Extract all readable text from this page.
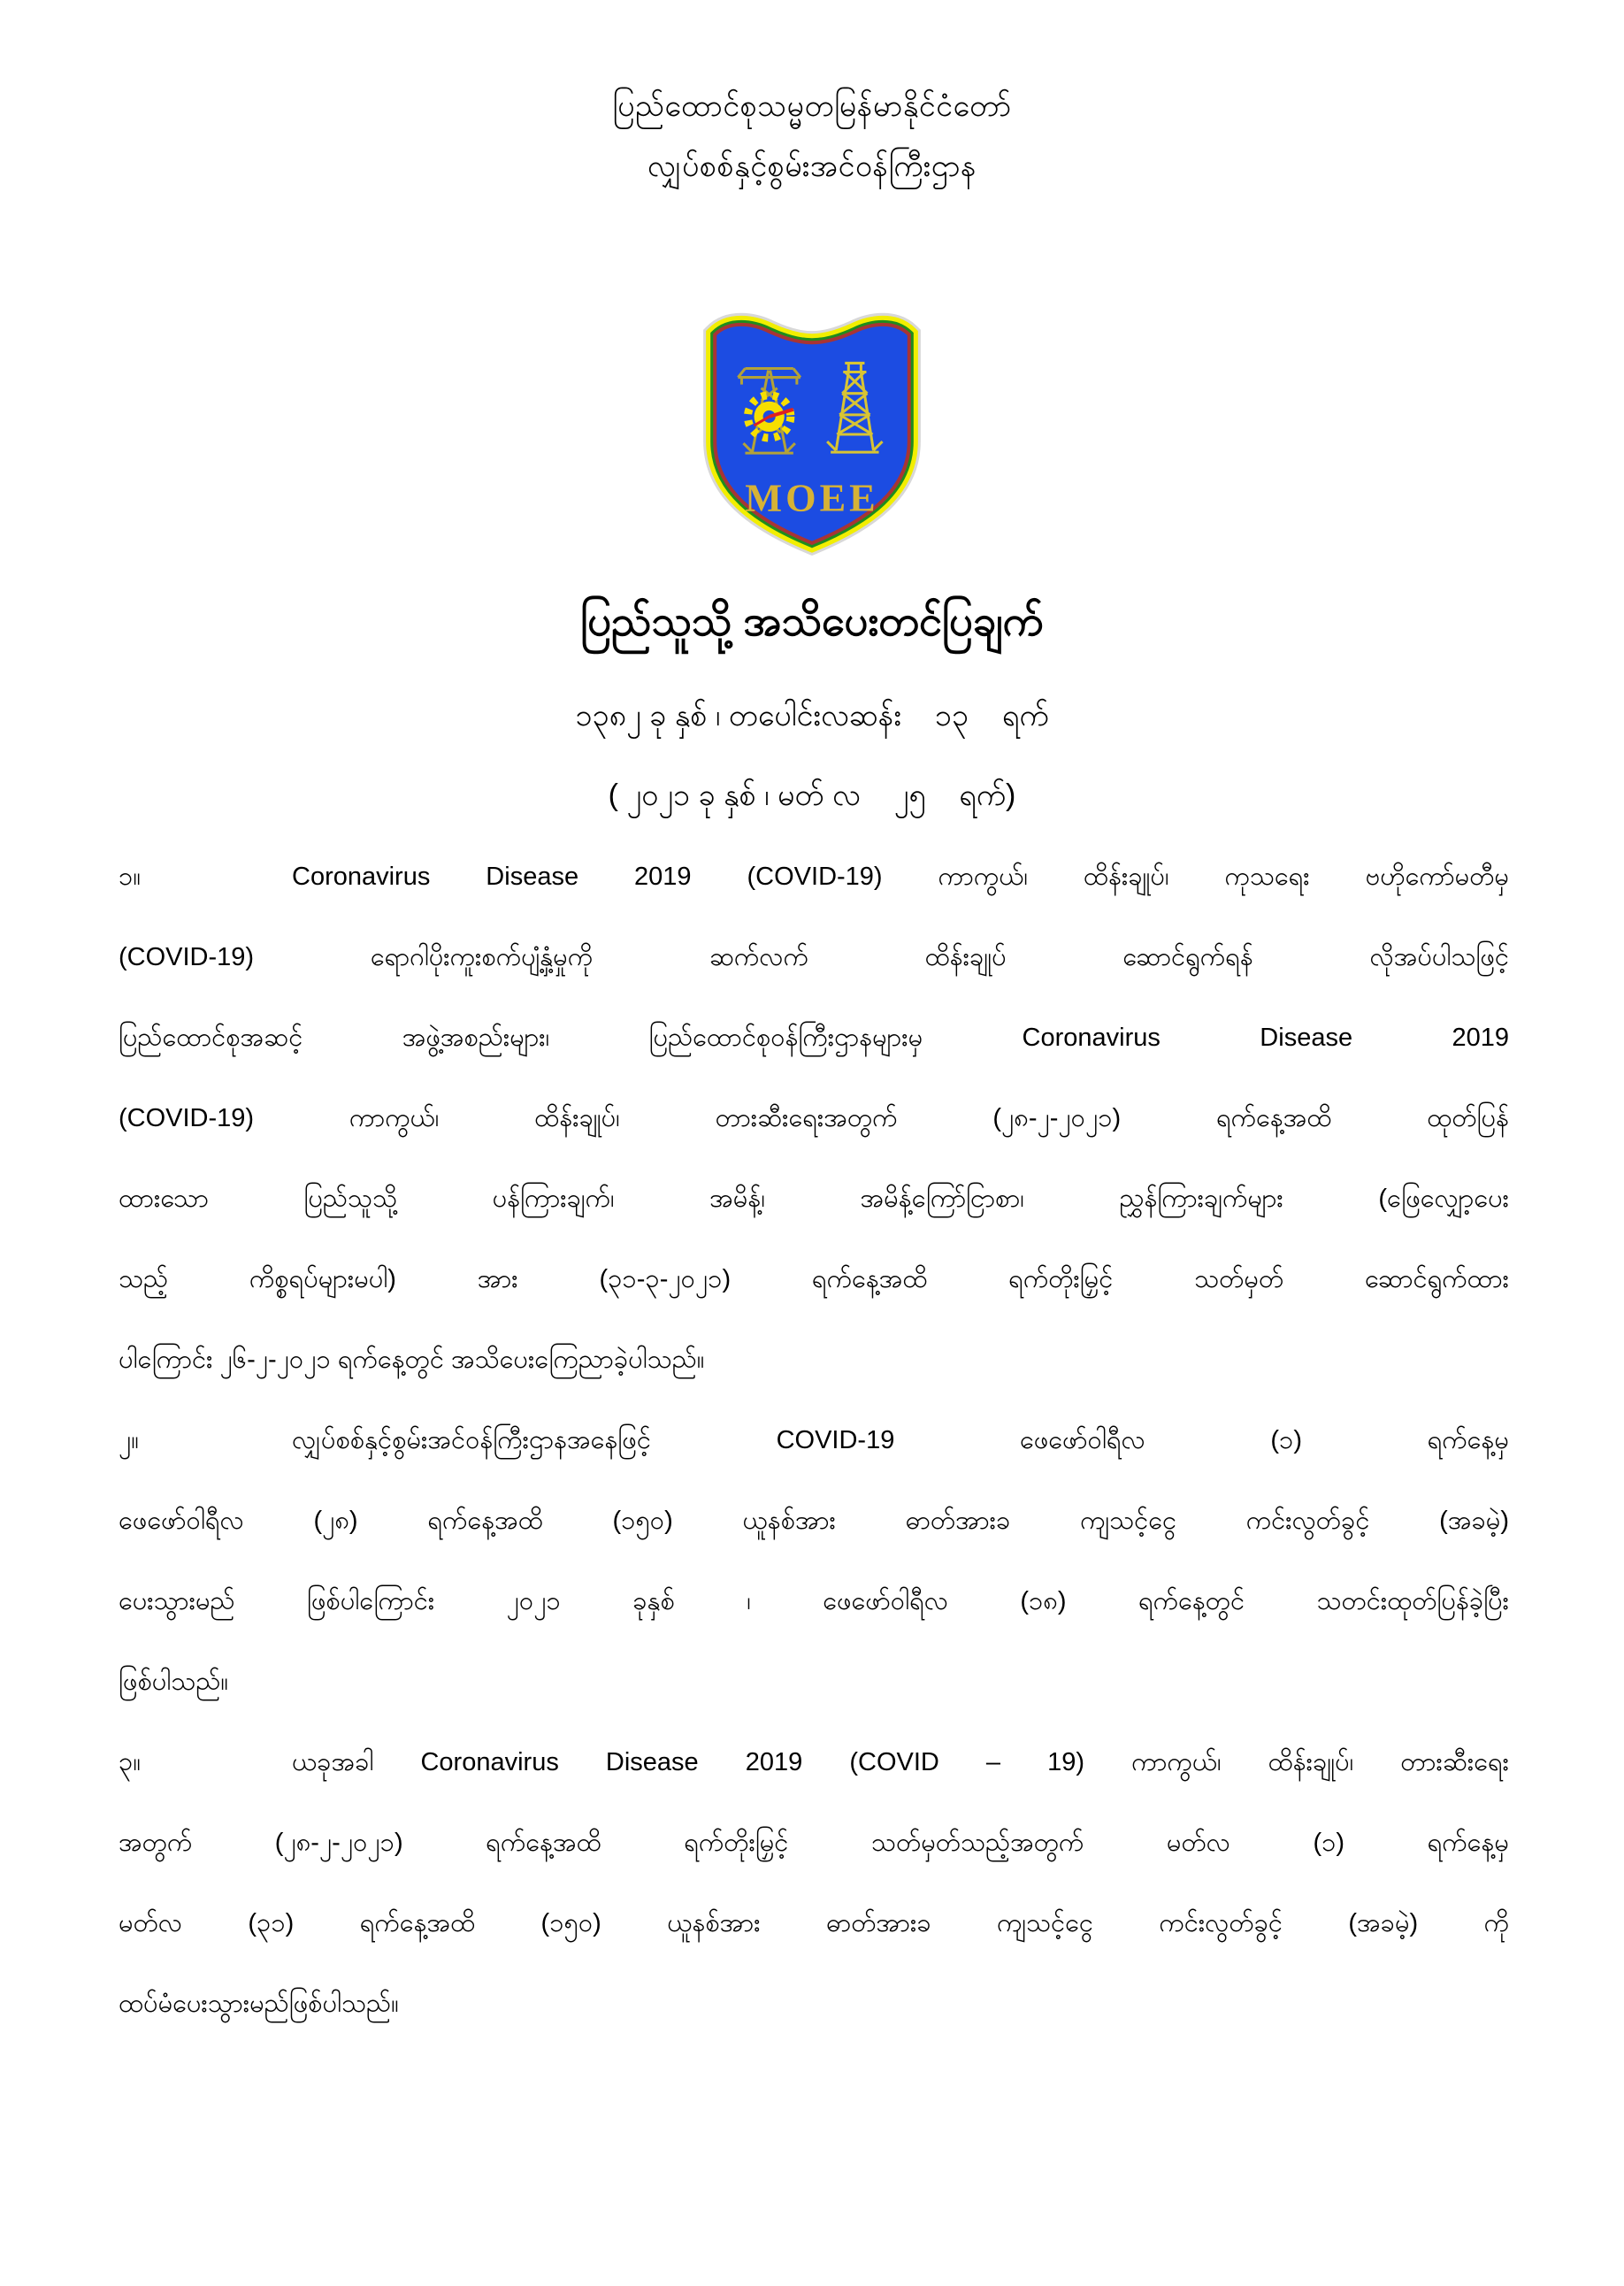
ပြည်ထောင်စုသမ္မတမြန်မာနိုင်ငံတော်
လျှပ်စစ်နှင့်စွမ်းအင်ဝန်ကြီးဌာန
MOEE
ပြည်သူသို့ အသိပေးတင်ပြချက်
၁၃၈၂ ခု နှစ် ၊ တပေါင်းလဆန်း    ၁၃    ရက်
( ၂၀၂၁ ခု နှစ် ၊ မတ် လ    ၂၅    ရက်)
၁။	Coronavirus Disease 2019 (COVID-19) ကာကွယ်၊ ထိန်းချုပ်၊ ကုသရေး ဗဟိုကော်မတီမှ
(COVID-19) ရောဂါပိုးကူးစက်ပျံ့နှံ့မှုကို ဆက်လက် ထိန်းချုပ် ဆောင်ရွက်ရန် လိုအပ်ပါသဖြင့်
ပြည်ထောင်စုအဆင့် အဖွဲ့အစည်းများ၊ ပြည်ထောင်စုဝန်ကြီးဌာနများမှ Coronavirus Disease 2019
(COVID-19) ကာကွယ်၊ ထိန်းချုပ်၊ တားဆီးရေးအတွက် (၂၈-၂-၂၀၂၁) ရက်နေ့အထိ ထုတ်ပြန်
ထားသော ပြည်သူသို့ ပန်ကြားချက်၊ အမိန့်၊ အမိန့်ကြော်ငြာစာ၊ ညွှန်ကြားချက်များ (ဖြေလျှော့ပေး
သည့် ကိစ္စရပ်များမပါ) အား (၃၁-၃-၂၀၂၁) ရက်နေ့အထိ ရက်တိုးမြှင့် သတ်မှတ် ဆောင်ရွက်ထား
ပါကြောင်း ၂၆-၂-၂၀၂၁ ရက်နေ့တွင် အသိပေးကြေညာခဲ့ပါသည်။
၂။	လျှပ်စစ်နှင့်စွမ်းအင်ဝန်ကြီးဌာနအနေဖြင့် COVID-19 ဖေဖော်ဝါရီလ (၁) ရက်နေ့မှ
ဖေဖော်ဝါရီလ (၂၈) ရက်နေ့အထိ (၁၅၀) ယူနစ်အား ဓာတ်အားခ ကျသင့်ငွေ ကင်းလွတ်ခွင့် (အခမဲ့)
ပေးသွားမည် ဖြစ်ပါကြောင်း ၂၀၂၁ ခုနှစ် ၊ ဖေဖော်ဝါရီလ (၁၈) ရက်နေ့တွင် သတင်းထုတ်ပြန်ခဲ့ပြီး
ဖြစ်ပါသည်။
၃။	ယခုအခါ Coronavirus Disease 2019 (COVID – 19) ကာကွယ်၊ ထိန်းချုပ်၊ တားဆီးရေး
အတွက် (၂၈-၂-၂၀၂၁) ရက်နေ့အထိ ရက်တိုးမြှင့် သတ်မှတ်သည့်အတွက် မတ်လ (၁) ရက်နေ့မှ
မတ်လ (၃၁) ရက်နေ့အထိ (၁၅၀) ယူနစ်အား ဓာတ်အားခ ကျသင့်ငွေ ကင်းလွတ်ခွင့် (အခမဲ့) ကို
ထပ်မံပေးသွားမည်ဖြစ်ပါသည်။
